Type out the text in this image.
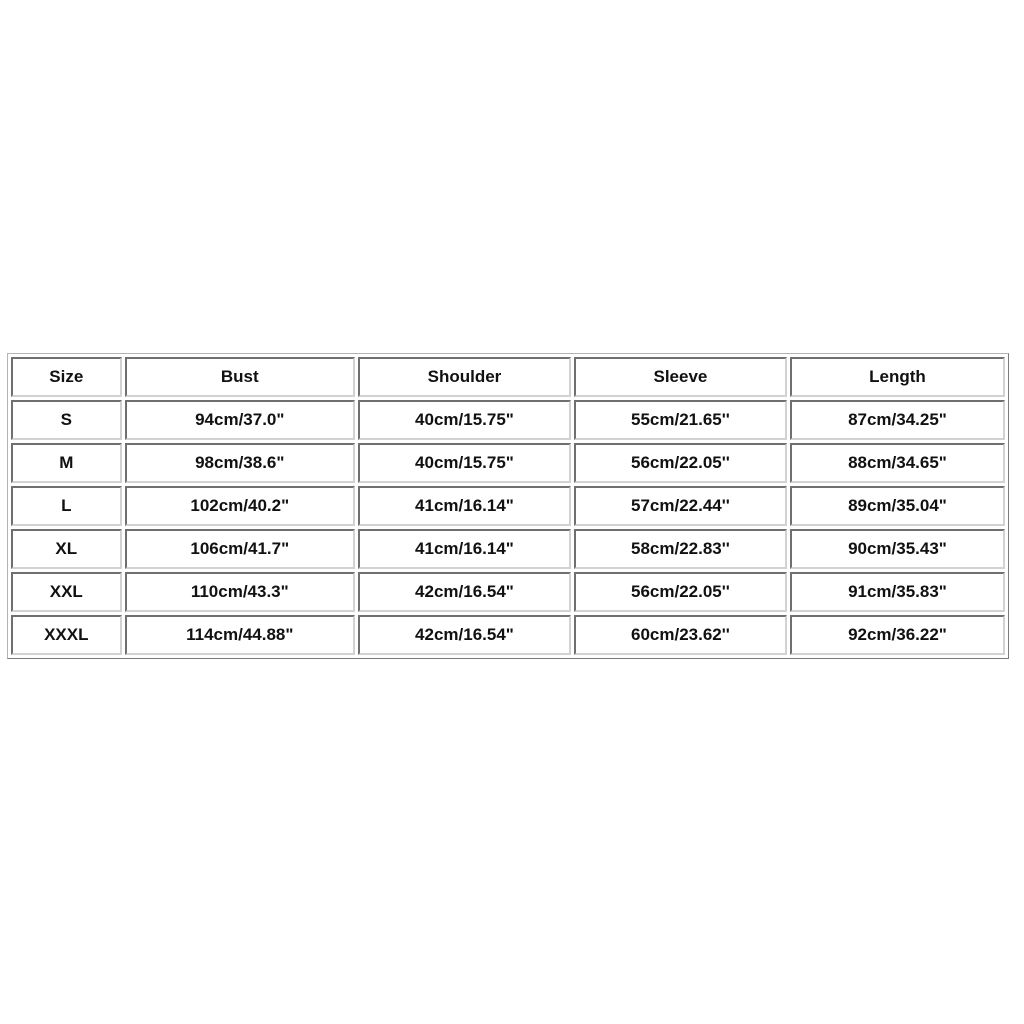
Size	Bust	Shoulder	Sleeve	Length
S	94cm/37.0"	40cm/15.75"	55cm/21.65''	87cm/34.25"
M	98cm/38.6"	40cm/15.75"	56cm/22.05''	88cm/34.65"
L	102cm/40.2"	41cm/16.14"	57cm/22.44''	89cm/35.04"
XL	106cm/41.7"	41cm/16.14"	58cm/22.83''	90cm/35.43"
XXL	110cm/43.3"	42cm/16.54"	56cm/22.05''	91cm/35.83"
XXXL	114cm/44.88"	42cm/16.54"	60cm/23.62''	92cm/36.22"
